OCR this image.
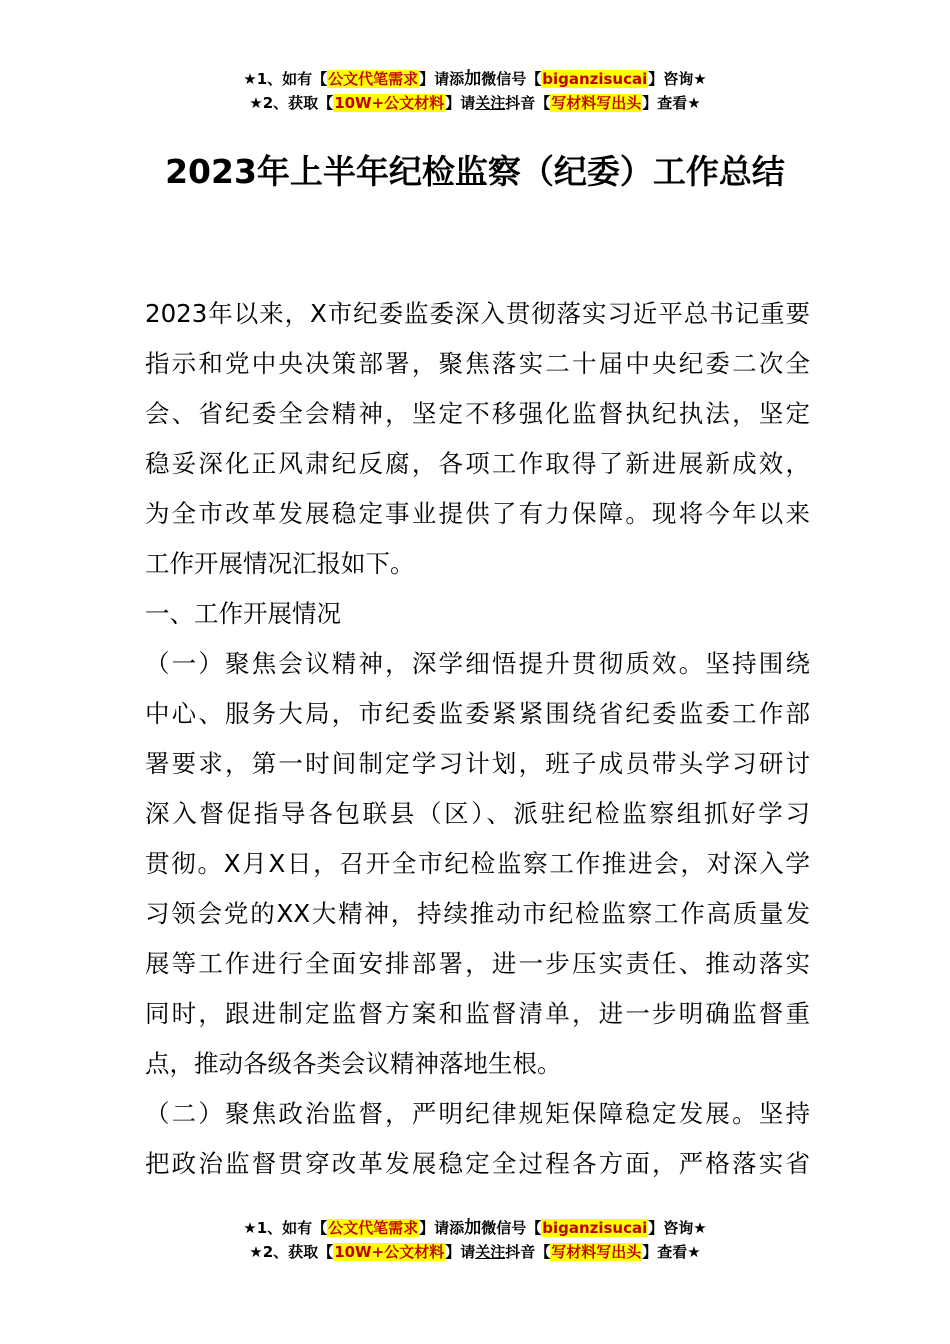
★1、如有【公文代笔需求】请添加微信号【biganzisucai】咨询★
★2、获取【10W+公文材料】请关注抖音【写材料写出头】查看★
2023年上半年纪检监察（纪委）工作总结
2023年以来，X市纪委监委深入贯彻落实习近平总书记重要
指示和党中央决策部署，聚焦落实二十届中央纪委二次全
会、省纪委全会精神，坚定不移强化监督执纪执法，坚定
稳妥深化正风肃纪反腐，各项工作取得了新进展新成效，
为全市改革发展稳定事业提供了有力保障。现将今年以来
工作开展情况汇报如下。
一、工作开展情况
（一）聚焦会议精神，深学细悟提升贯彻质效。坚持围绕
中心、服务大局，市纪委监委紧紧围绕省纪委监委工作部
署要求，第一时间制定学习计划，班子成员带头学习研讨
深入督促指导各包联县（区）、派驻纪检监察组抓好学习
贯彻。X月X日，召开全市纪检监察工作推进会，对深入学
习领会党的XX大精神，持续推动市纪检监察工作高质量发
展等工作进行全面安排部署，进一步压实责任、推动落实
同时，跟进制定监督方案和监督清单，进一步明确监督重
点，推动各级各类会议精神落地生根。
（二）聚焦政治监督，严明纪律规矩保障稳定发展。坚持
把政治监督贯穿改革发展稳定全过程各方面，严格落实省
★1、如有【公文代笔需求】请添加微信号【biganzisucai】咨询★
★2、获取【10W+公文材料】请关注抖音【写材料写出头】查看★
